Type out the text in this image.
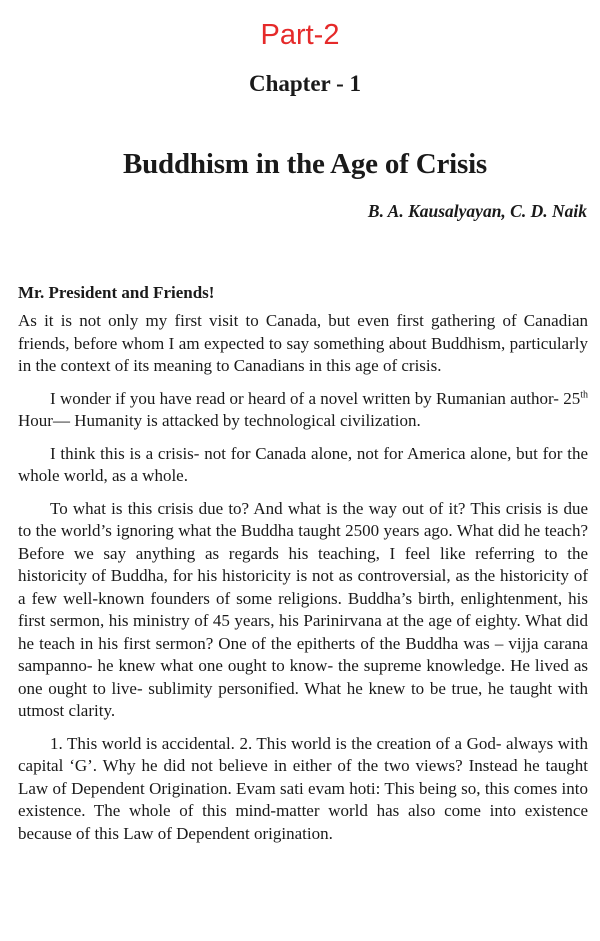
Part-2
Chapter - 1
Buddhism in the Age of Crisis
B. A. Kausalyayan, C. D. Naik

Mr. President and Friends!

As it is not only my first visit to Canada, but even first gathering of Canadian friends, before whom I am expected to say something about Buddhism, particularly in the context of its meaning to Canadians in this age of crisis.

I wonder if you have read or heard of a novel written by Rumanian author- 25th Hour— Humanity is attacked by technological civilization.

I think this is a crisis- not for Canada alone, not for America alone, but for the whole world, as a whole.

To what is this crisis due to? And what is the way out of it? This crisis is due to the world’s ignoring what the Buddha taught 2500 years ago. What did he teach? Before we say anything as regards his teaching, I feel like referring to the historicity of Buddha, for his historicity is not as controversial, as the historicity of a few well-known founders of some religions. Buddha’s birth, enlightenment, his first sermon, his ministry of 45 years, his Parinirvana at the age of eighty. What did he teach in his first sermon? One of the epitherts of the Buddha was – vijja carana sampanno- he knew what one ought to know- the supreme knowledge. He lived as one ought to live- sublimity personified. What he knew to be true, he taught with utmost clarity.

1. This world is accidental. 2. This world is the creation of a God- always with capital ‘G’. Why he did not believe in either of the two views? Instead he taught Law of Dependent Origination. Evam sati evam hoti: This being so, this comes into existence. The whole of this mind-matter world has also come into existence because of this Law of Dependent origination.
